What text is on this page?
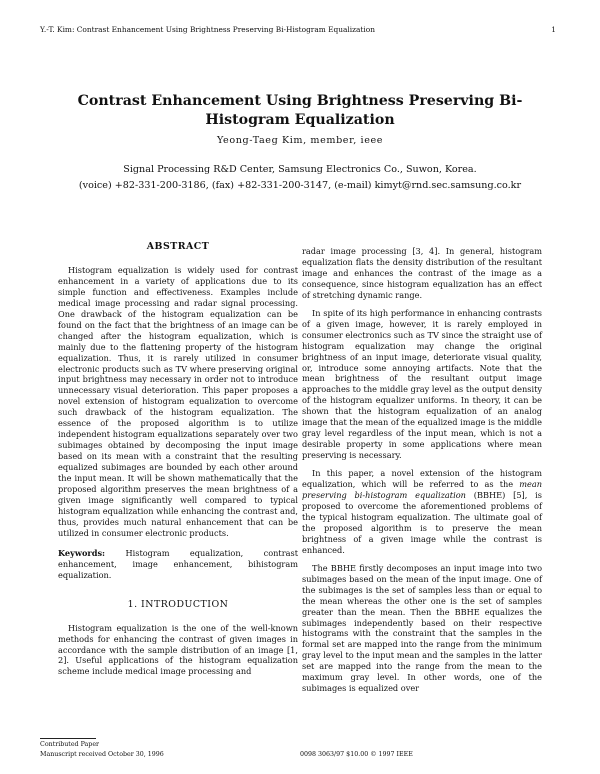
Y.-T. Kim: Contrast Enhancement Using Brightness Preserving Bi-Histogram Equalization	1
Contrast Enhancement Using Brightness Preserving Bi-Histogram Equalization
Yeong-Taeg Kim, member, ieee
Signal Processing R&D Center, Samsung Electronics Co., Suwon, Korea.
(voice) +82-331-200-3186, (fax) +82-331-200-3147, (e-mail) kimyt@rnd.sec.samsung.co.kr
ABSTRACT

Histogram equalization is widely used for contrast enhancement in a variety of applications due to its simple function and effectiveness. Examples include medical image processing and radar signal processing. One drawback of the histogram equalization can be found on the fact that the brightness of an image can be changed after the histogram equalization, which is mainly due to the flattening property of the histogram equalization. Thus, it is rarely utilized in consumer electronic products such as TV where preserving original input brightness may necessary in order not to introduce unnecessary visual deterioration. This paper proposes a novel extension of histogram equalization to overcome such drawback of the histogram equalization. The essence of the proposed algorithm is to utilize independent histogram equalizations separately over two subimages obtained by decomposing the input image based on its mean with a constraint that the resulting equalized subimages are bounded by each other around the input mean. It will be shown mathematically that the proposed algorithm preserves the mean brightness of a given image significantly well compared to typical histogram equalization while enhancing the contrast and, thus, provides much natural enhancement that can be utilized in consumer electronic products.

Keywords: Histogram equalization, contrast enhancement, image enhancement, bihistogram equalization.

1. INTRODUCTION

Histogram equalization is the one of the well-known methods for enhancing the contrast of given images in accordance with the sample distribution of an image [1, 2]. Useful applications of the histogram equalization scheme include medical image processing and

radar image processing [3, 4]. In general, histogram equalization flats the density distribution of the resultant image and enhances the contrast of the image as a consequence, since histogram equalization has an effect of stretching dynamic range.

In spite of its high performance in enhancing contrasts of a given image, however, it is rarely employed in consumer electronics such as TV since the straight use of histogram equalization may change the original brightness of an input image, deteriorate visual quality, or, introduce some annoying artifacts. Note that the mean brightness of the resultant output image approaches to the middle gray level as the output density of the histogram equalizer uniforms. In theory, it can be shown that the histogram equalization of an analog image that the mean of the equalized image is the middle gray level regardless of the input mean, which is not a desirable property in some applications where mean preserving is necessary.

In this paper, a novel extension of the histogram equalization, which will be referred to as the mean preserving bi-histogram equalization (BBHE) [5], is proposed to overcome the aforementioned problems of the typical histogram equalization. The ultimate goal of the proposed algorithm is to preserve the mean brightness of a given image while the contrast is enhanced.

The BBHE firstly decomposes an input image into two subimages based on the mean of the input image. One of the subimages is the set of samples less than or equal to the mean whereas the other one is the set of samples greater than the mean. Then the BBHE equalizes the subimages independently based on their respective histograms with the constraint that the samples in the formal set are mapped into the range from the minimum gray level to the input mean and the samples in the latter set are mapped into the range from the mean to the maximum gray level. In other words, one of the subimages is equalized over

Contributed Paper
Manuscript received October 30, 1996	0098 3063/97 $10.00 © 1997 IEEE
